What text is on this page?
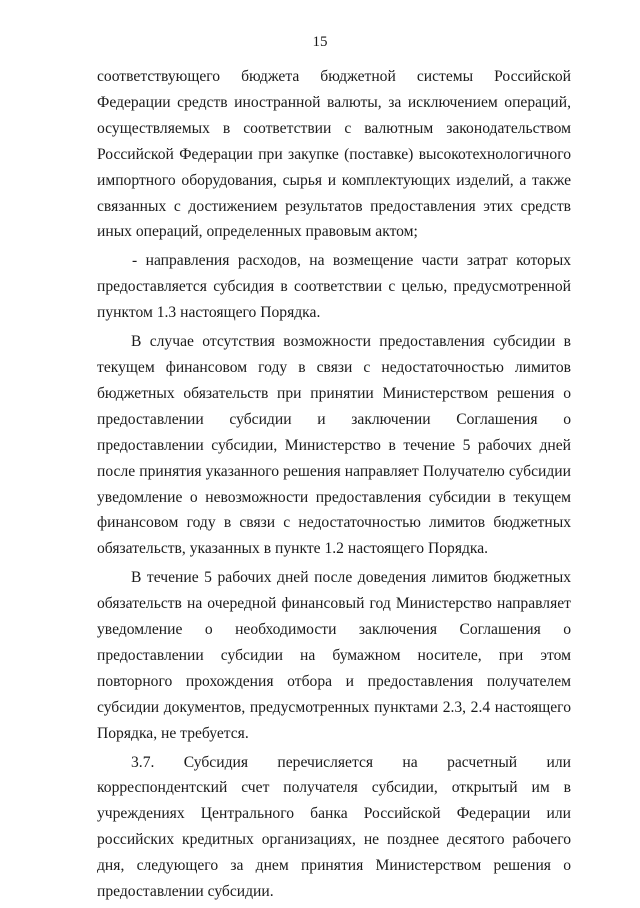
15

соответствующего бюджета бюджетной системы Российской Федерации средств иностранной валюты, за исключением операций, осуществляемых в соответствии с валютным законодательством Российской Федерации при закупке (поставке) высокотехнологичного импортного оборудования, сырья и комплектующих изделий, а также связанных с достижением результатов предоставления этих средств иных операций, определенных правовым актом;

- направления расходов, на возмещение части затрат которых предоставляется субсидия в соответствии с целью, предусмотренной пунктом 1.3 настоящего Порядка.

В случае отсутствия возможности предоставления субсидии в текущем финансовом году в связи с недостаточностью лимитов бюджетных обязательств при принятии Министерством решения о предоставлении субсидии и заключении Соглашения о предоставлении субсидии, Министерство в течение 5 рабочих дней после принятия указанного решения направляет Получателю субсидии уведомление о невозможности предоставления субсидии в текущем финансовом году в связи с недостаточностью лимитов бюджетных обязательств, указанных в пункте 1.2 настоящего Порядка.

В течение 5 рабочих дней после доведения лимитов бюджетных обязательств на очередной финансовый год Министерство направляет уведомление о необходимости заключения Соглашения о предоставлении субсидии на бумажном носителе, при этом повторного прохождения отбора и предоставления получателем субсидии документов, предусмотренных пунктами 2.3, 2.4 настоящего Порядка, не требуется.

3.7. Субсидия перечисляется на расчетный или корреспондентский счет получателя субсидии, открытый им в учреждениях Центрального банка Российской Федерации или российских кредитных организациях, не позднее десятого рабочего дня, следующего за днем принятия Министерством решения о предоставлении субсидии.
